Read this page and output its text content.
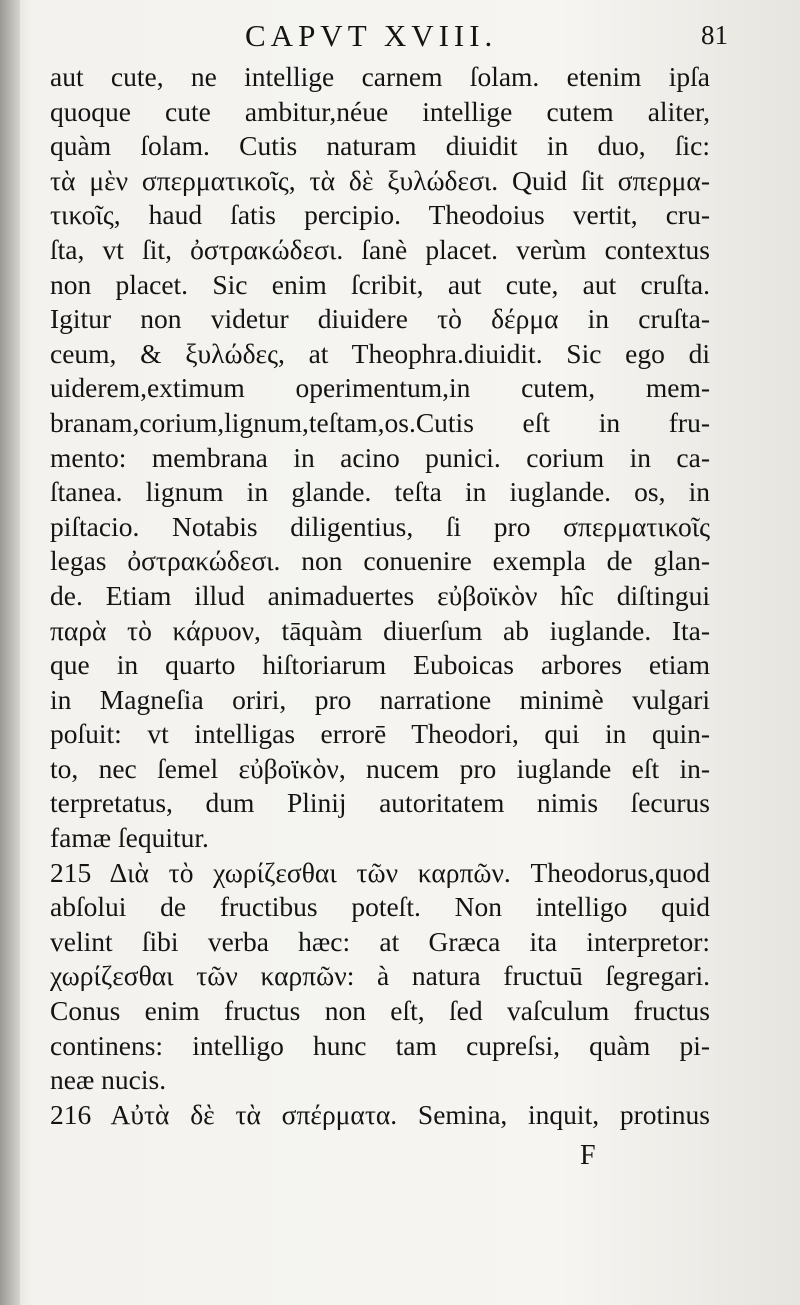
CAPVT XVIII.	81
aut cute, ne intellige carnem ſolam. etenim ipſa
quoque cute ambitur,néue intellige cutem aliter,
quàm ſolam. Cutis naturam diuidit in duo, ſic:
τὰ μὲν σπερματικοῖς, τὰ δὲ ξυλώδεσι. Quid ſit σπερμα-
τικοῖς, haud ſatis percipio. Theodoius vertit, cru-
ſta, vt ſit, ὀστρακώδεσι. ſanè placet. verùm contextus
non placet. Sic enim ſcribit, aut cute, aut cruſta.
Igitur non videtur diuidere τὸ δέρμα in cruſta-
ceum, & ξυλώδες, at Theophra.diuidit. Sic ego di
uiderem,extimum operimentum,in cutem, mem-
branam,corium,lignum,teſtam,os.Cutis eſt in fru-
mento: membrana in acino punici. corium in ca-
ſtanea. lignum in glande. teſta in iuglande. os, in
piſtacio. Notabis diligentius, ſi pro σπερματικοῖς
legas ὀστρακώδεσι. non conuenire exempla de glan-
de. Etiam illud animaduertes εὐβοϊκὸν hîc diſtingui
παρὰ τὸ κάρυον, tāquàm diuerſum ab iuglande. Ita-
que in quarto hiſtoriarum Euboicas arbores etiam
in Magneſia oriri, pro narratione minimè vulgari
poſuit: vt intelligas errorē Theodori, qui in quin-
to, nec ſemel εὐβοϊκὸν, nucem pro iuglande eſt in-
terpretatus, dum Plinij autoritatem nimis ſecurus
famæ ſequitur.
215 Διὰ τὸ χωρίζεσθαι τῶν καρπῶν. Theodorus,quod
abſolui de fructibus poteſt. Non intelligo quid
velint ſibi verba hæc: at Græca ita interpretor:
χωρίζεσθαι τῶν καρπῶν: à natura fructuū ſegregari.
Conus enim fructus non eſt, ſed vaſculum fructus
continens: intelligo hunc tam cupreſsi, quàm pi-
neæ nucis.
216 Αὐτὰ δὲ τὰ σπέρματα. Semina, inquit, protinus
F
